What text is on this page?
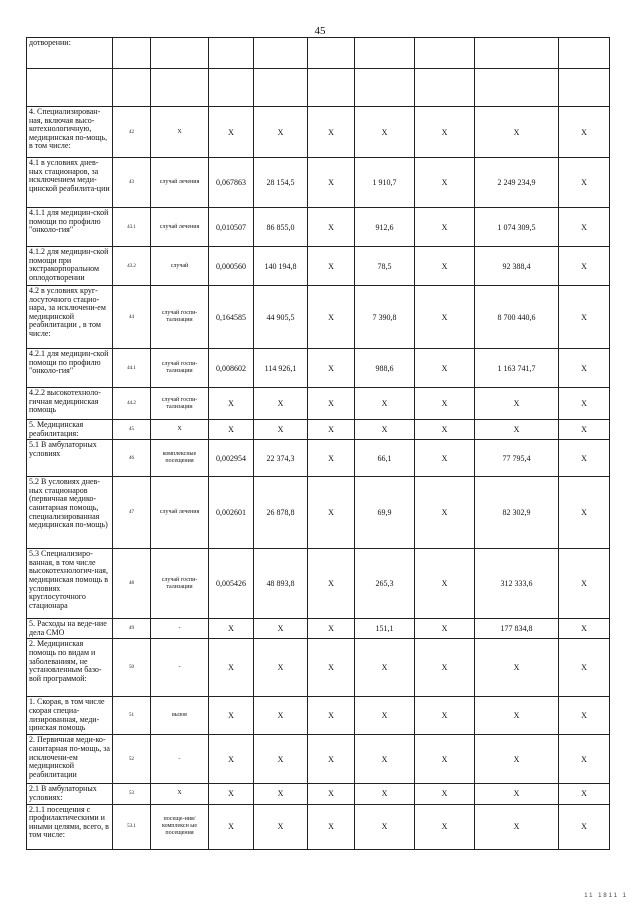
45
дотворении:									

4. Специализирован-ная, включая высо-котехнологичную, медицинская по-мощь, в том числе:	42	Х	Х	Х	Х	Х	Х	Х	Х
4.1 в условиях днев-ных стационаров, за исключением меди-цинской реабилита-ции	43	случай лечения	0,067863	28 154,5	Х	1 910,7	Х	2 249 234,9	Х
4.1.1 для медицин-ской помощи по профилю "онколо-гия"	43.1	случай лечения	0,010507	86 855,0	Х	912,6	Х	1 074 309,5	Х
4.1.2 для медицин-ской помощи при экстракорпоральном оплодотворении	43.2	случай	0,000560	140 194,8	Х	78,5	Х	92 388,4	Х
4.2 в условиях круг-лосуточного стацио-нара, за исключени-ем медицинской реабилитации , в том числе:	44	случай госпи-тализации	0,164585	44 905,5	Х	7 390,8	Х	8 700 440,6	Х
4.2.1 для медицин-ской помощи по профилю "онколо-гия"	44.1	случай госпи-тализации	0,008602	114 926,1	Х	988,6	Х	1 163 741,7	Х
4.2.2 высокотехноло-гичная медицинская помощь	44.2	случай госпи-тализации	Х	Х	Х	Х	Х	Х	Х
5. Медицинская реабилитация:	45	Х	Х	Х	Х	Х	Х	Х	Х
5.1 В амбулаторных условиях	46	комплексные посещения	0,002954	22 374,3	Х	66,1	Х	77 795,4	Х
5.2 В условиях днев-ных стационаров (первичная медико-санитарная помощь, специализированная медицинская по-мощь)	47	случай лечения	0,002601	26 878,8	Х	69,9	Х	82 302,9	Х
5.3 Специализиро-ванная, в том числе высокотехнологич-ная, медицинская помощь в условиях круглосуточного стационара	48	случай госпи-тализации	0,005426	48 893,8	Х	265,3	Х	312 333,6	Х
5. Расходы на веде-ние дела СМО	49	-	Х	Х	Х	151,1	Х	177 834,8	Х
2. Медицинская помощь по видам и заболеваниям, не установленным базо-вой программой:	50	-	Х	Х	Х	Х	Х	Х	Х
1. Скорая, в том числе скорая специа-лизированная, меди-цинская помощь	51	вызов	Х	Х	Х	Х	Х	Х	Х
2. Первичная меди-ко-санитарная по-мощь, за исключени-ем медицинской реабилитации	52	-	Х	Х	Х	Х	Х	Х	Х
2.1 В амбулаторных условиях:	53	Х	Х	Х	Х	Х	Х	Х	Х
2.1.1 посещения с профилактическими и иными целями, всего, в том числе:	53.1	посеще-ния/комплексн ые посещения	Х	Х	Х	Х	Х	Х	Х
11 1811 1
